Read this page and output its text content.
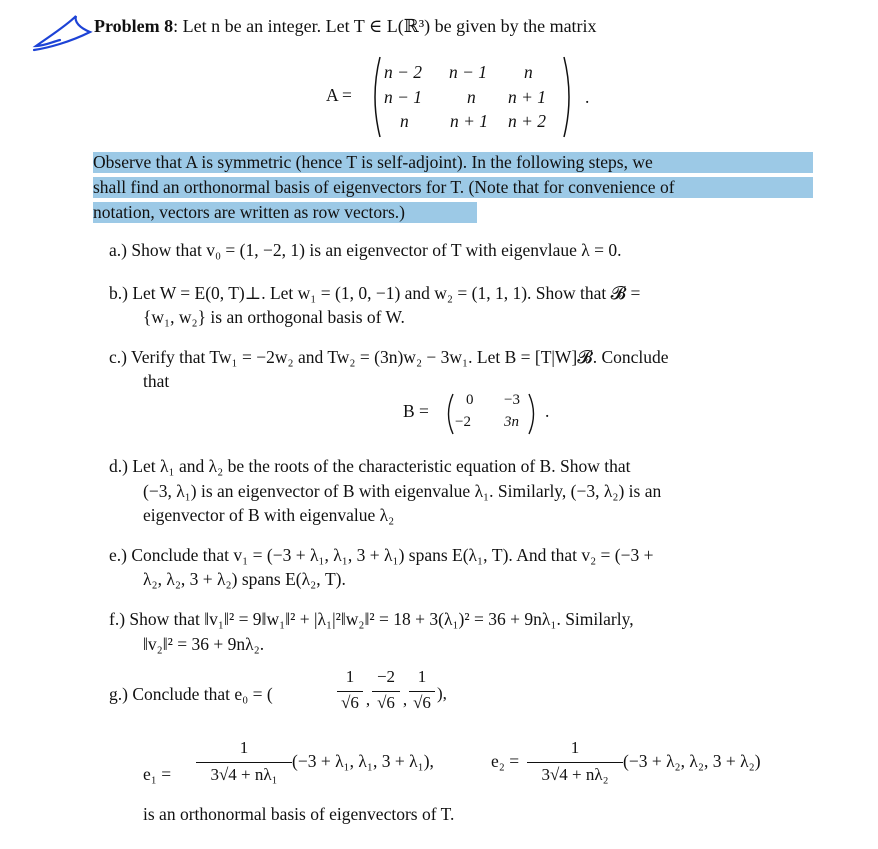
Problem 8: Let n be an integer. Let T ∈ L(ℝ³) be given by the matrix
A =
n − 2 n − 1 n
n − 1	n n + 1
n n + 1 n + 2
.
Observe that A is symmetric (hence T is self-adjoint). In the following steps, we
shall find an orthonormal basis of eigenvectors for T. (Note that for convenience of
notation, vectors are written as row vectors.)
a.) Show that v₀ = (1, −2, 1) is an eigenvector of T with eigenvlaue λ = 0.
b.) Let W = E(0, T)⊥. Let w₁ = (1, 0, −1) and w₂ = (1, 1, 1). Show that 𝓑 =
{w₁, w₂} is an orthogonal basis of W.
c.) Verify that Tw₁ = −2w₂ and Tw₂ = (3n)w₂ − 3w₁. Let B = [T|W]𝓑. Conclude
that
B =
0 −3
−2 3n
.
d.) Let λ₁ and λ₂ be the roots of the characteristic equation of B. Show that
(−3, λ₁) is an eigenvector of B with eigenvalue λ₁. Similarly, (−3, λ₂) is an
eigenvector of B with eigenvalue λ₂
e.) Conclude that v₁ = (−3 + λ₁, λ₁, 3 + λ₁) spans E(λ₁, T). And that v₂ = (−3 +
λ₂, λ₂, 3 + λ₂) spans E(λ₂, T).
f.) Show that ‖v₁‖² = 9‖w₁‖² + |λ₁|²‖w₂‖² = 18 + 3(λ₁)² = 36 + 9nλ₁. Similarly,
‖v₂‖² = 36 + 9nλ₂.
g.) Conclude that e₀ = (
1
√6 ,
−2
√6 ,
1
√6 ),
e₁ =
1
3√4 + nλ₁
(−3 + λ₁, λ₁, 3 + λ₁),	e₂ =
1
3√4 + nλ₂
(−3 + λ₂, λ₂, 3 + λ₂)
is an orthonormal basis of eigenvectors of T.
